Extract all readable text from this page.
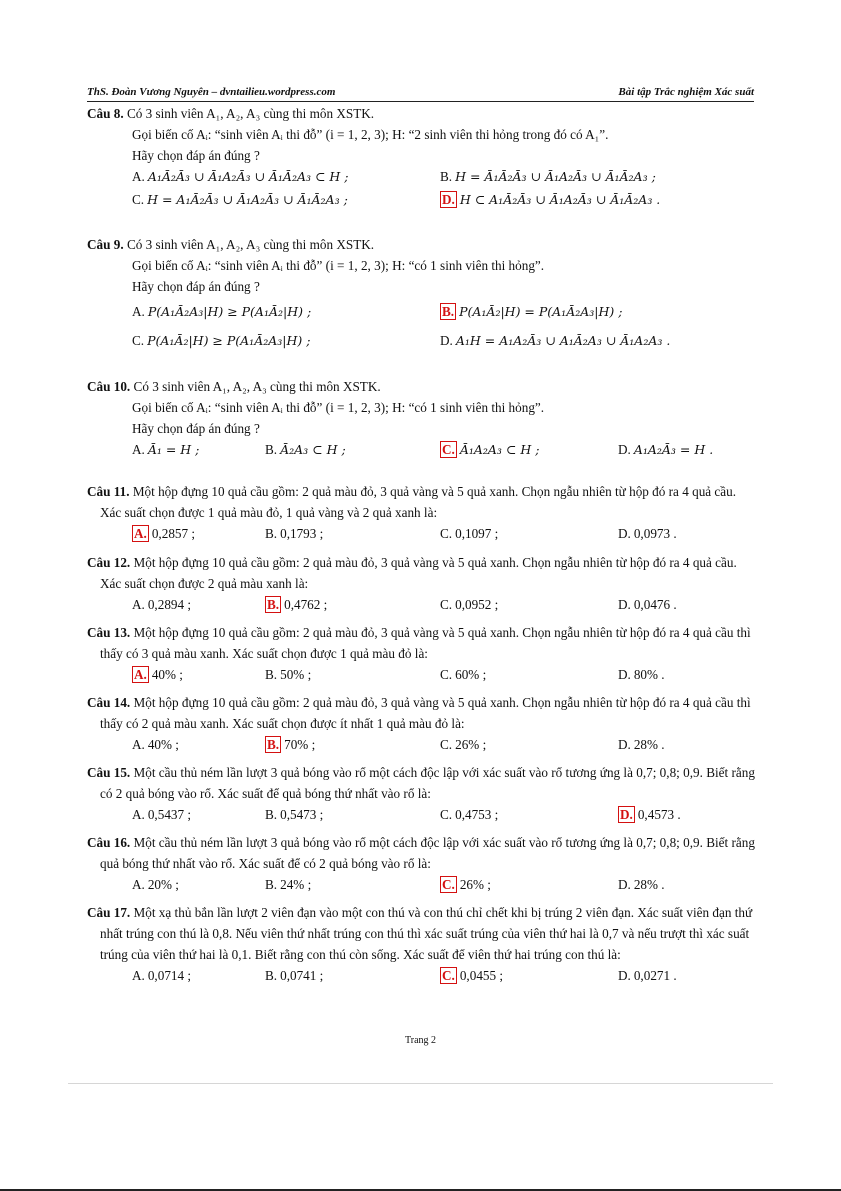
ThS. Đoàn Vương Nguyên – dvntailieu.wordpress.com	Bài tập Trắc nghiệm Xác suất
Câu 8. Có 3 sinh viên A₁, A₂, A₃ cùng thi môn XSTK.
Gọi biến cố Aᵢ: “sinh viên Aᵢ thi đỗ” (i = 1, 2, 3); H: “2 sinh viên thi hỏng trong đó có A₁”.
Hãy chọn đáp án đúng ?
A. A₁Ā₂Ā₃ ∪ Ā₁A₂Ā₃ ∪ Ā₁Ā₂A₃ ⊂ H ;	B. H = Ā₁Ā₂Ā₃ ∪ Ā₁A₂Ā₃ ∪ Ā₁Ā₂A₃ ;
C. H = A₁Ā₂Ā₃ ∪ Ā₁A₂Ā₃ ∪ Ā₁Ā₂A₃ ;	D. H ⊂ A₁Ā₂Ā₃ ∪ Ā₁A₂Ā₃ ∪ Ā₁Ā₂A₃ .
Câu 9. Có 3 sinh viên A₁, A₂, A₃ cùng thi môn XSTK.
Gọi biến cố Aᵢ: “sinh viên Aᵢ thi đỗ” (i = 1, 2, 3); H: “có 1 sinh viên thi hỏng”.
Hãy chọn đáp án đúng ?
A. P(A₁Ā₂A₃|H) ≥ P(A₁Ā₂|H) ;	B. P(A₁Ā₂|H) = P(A₁Ā₂A₃|H) ;
C. P(A₁Ā₂|H) ≥ P(A₁Ā₂A₃|H) ;	D. A₁H = A₁A₂Ā₃ ∪ A₁Ā₂A₃ ∪ Ā₁A₂A₃ .
Câu 10. Có 3 sinh viên A₁, A₂, A₃ cùng thi môn XSTK.
Gọi biến cố Aᵢ: “sinh viên Aᵢ thi đỗ” (i = 1, 2, 3); H: “có 1 sinh viên thi hỏng”.
Hãy chọn đáp án đúng ?
A. Ā₁ = H ;	B. Ā₂A₃ ⊂ H ;	C. Ā₁A₂A₃ ⊂ H ;	D. A₁A₂Ā₃ = H .
Câu 11. Một hộp đựng 10 quả cầu gồm: 2 quả màu đỏ, 3 quả vàng và 5 quả xanh. Chọn ngẫu nhiên từ hộp đó ra 4 quả cầu. Xác suất chọn được 1 quả màu đỏ, 1 quả vàng và 2 quả xanh là:
A. 0,2857 ;	B. 0,1793 ;	C. 0,1097 ;	D. 0,0973 .
Câu 12. Một hộp đựng 10 quả cầu gồm: 2 quả màu đỏ, 3 quả vàng và 5 quả xanh. Chọn ngẫu nhiên từ hộp đó ra 4 quả cầu. Xác suất chọn được 2 quả màu xanh là:
A. 0,2894 ;	B. 0,4762 ;	C. 0,0952 ;	D. 0,0476 .
Câu 13. Một hộp đựng 10 quả cầu gồm: 2 quả màu đỏ, 3 quả vàng và 5 quả xanh. Chọn ngẫu nhiên từ hộp đó ra 4 quả cầu thì thấy có 3 quả màu xanh. Xác suất chọn được 1 quả màu đỏ là:
A. 40% ;	B. 50% ;	C. 60% ;	D. 80% .
Câu 14. Một hộp đựng 10 quả cầu gồm: 2 quả màu đỏ, 3 quả vàng và 5 quả xanh. Chọn ngẫu nhiên từ hộp đó ra 4 quả cầu thì thấy có 2 quả màu xanh. Xác suất chọn được ít nhất 1 quả màu đỏ là:
A. 40% ;	B. 70% ;	C. 26% ;	D. 28% .
Câu 15. Một cầu thủ ném lần lượt 3 quả bóng vào rổ một cách độc lập với xác suất vào rổ tương ứng là 0,7; 0,8; 0,9. Biết rằng có 2 quả bóng vào rổ. Xác suất để quả bóng thứ nhất vào rổ là:
A. 0,5437 ;	B. 0,5473 ;	C. 0,4753 ;	D. 0,4573 .
Câu 16. Một cầu thủ ném lần lượt 3 quả bóng vào rổ một cách độc lập với xác suất vào rổ tương ứng là 0,7; 0,8; 0,9. Biết rằng quả bóng thứ nhất vào rổ. Xác suất để có 2 quả bóng vào rổ là:
A. 20% ;	B. 24% ;	C. 26% ;	D. 28% .
Câu 17. Một xạ thủ bắn lần lượt 2 viên đạn vào một con thú và con thú chỉ chết khi bị trúng 2 viên đạn. Xác suất viên đạn thứ nhất trúng con thú là 0,8. Nếu viên thứ nhất trúng con thú thì xác suất trúng của viên thứ hai là 0,7 và nếu trượt thì xác suất trúng của viên thứ hai là 0,1. Biết rằng con thú còn sống. Xác suất để viên thứ hai trúng con thú là:
A. 0,0714 ;	B. 0,0741 ;	C. 0,0455 ;	D. 0,0271 .
Trang 2
